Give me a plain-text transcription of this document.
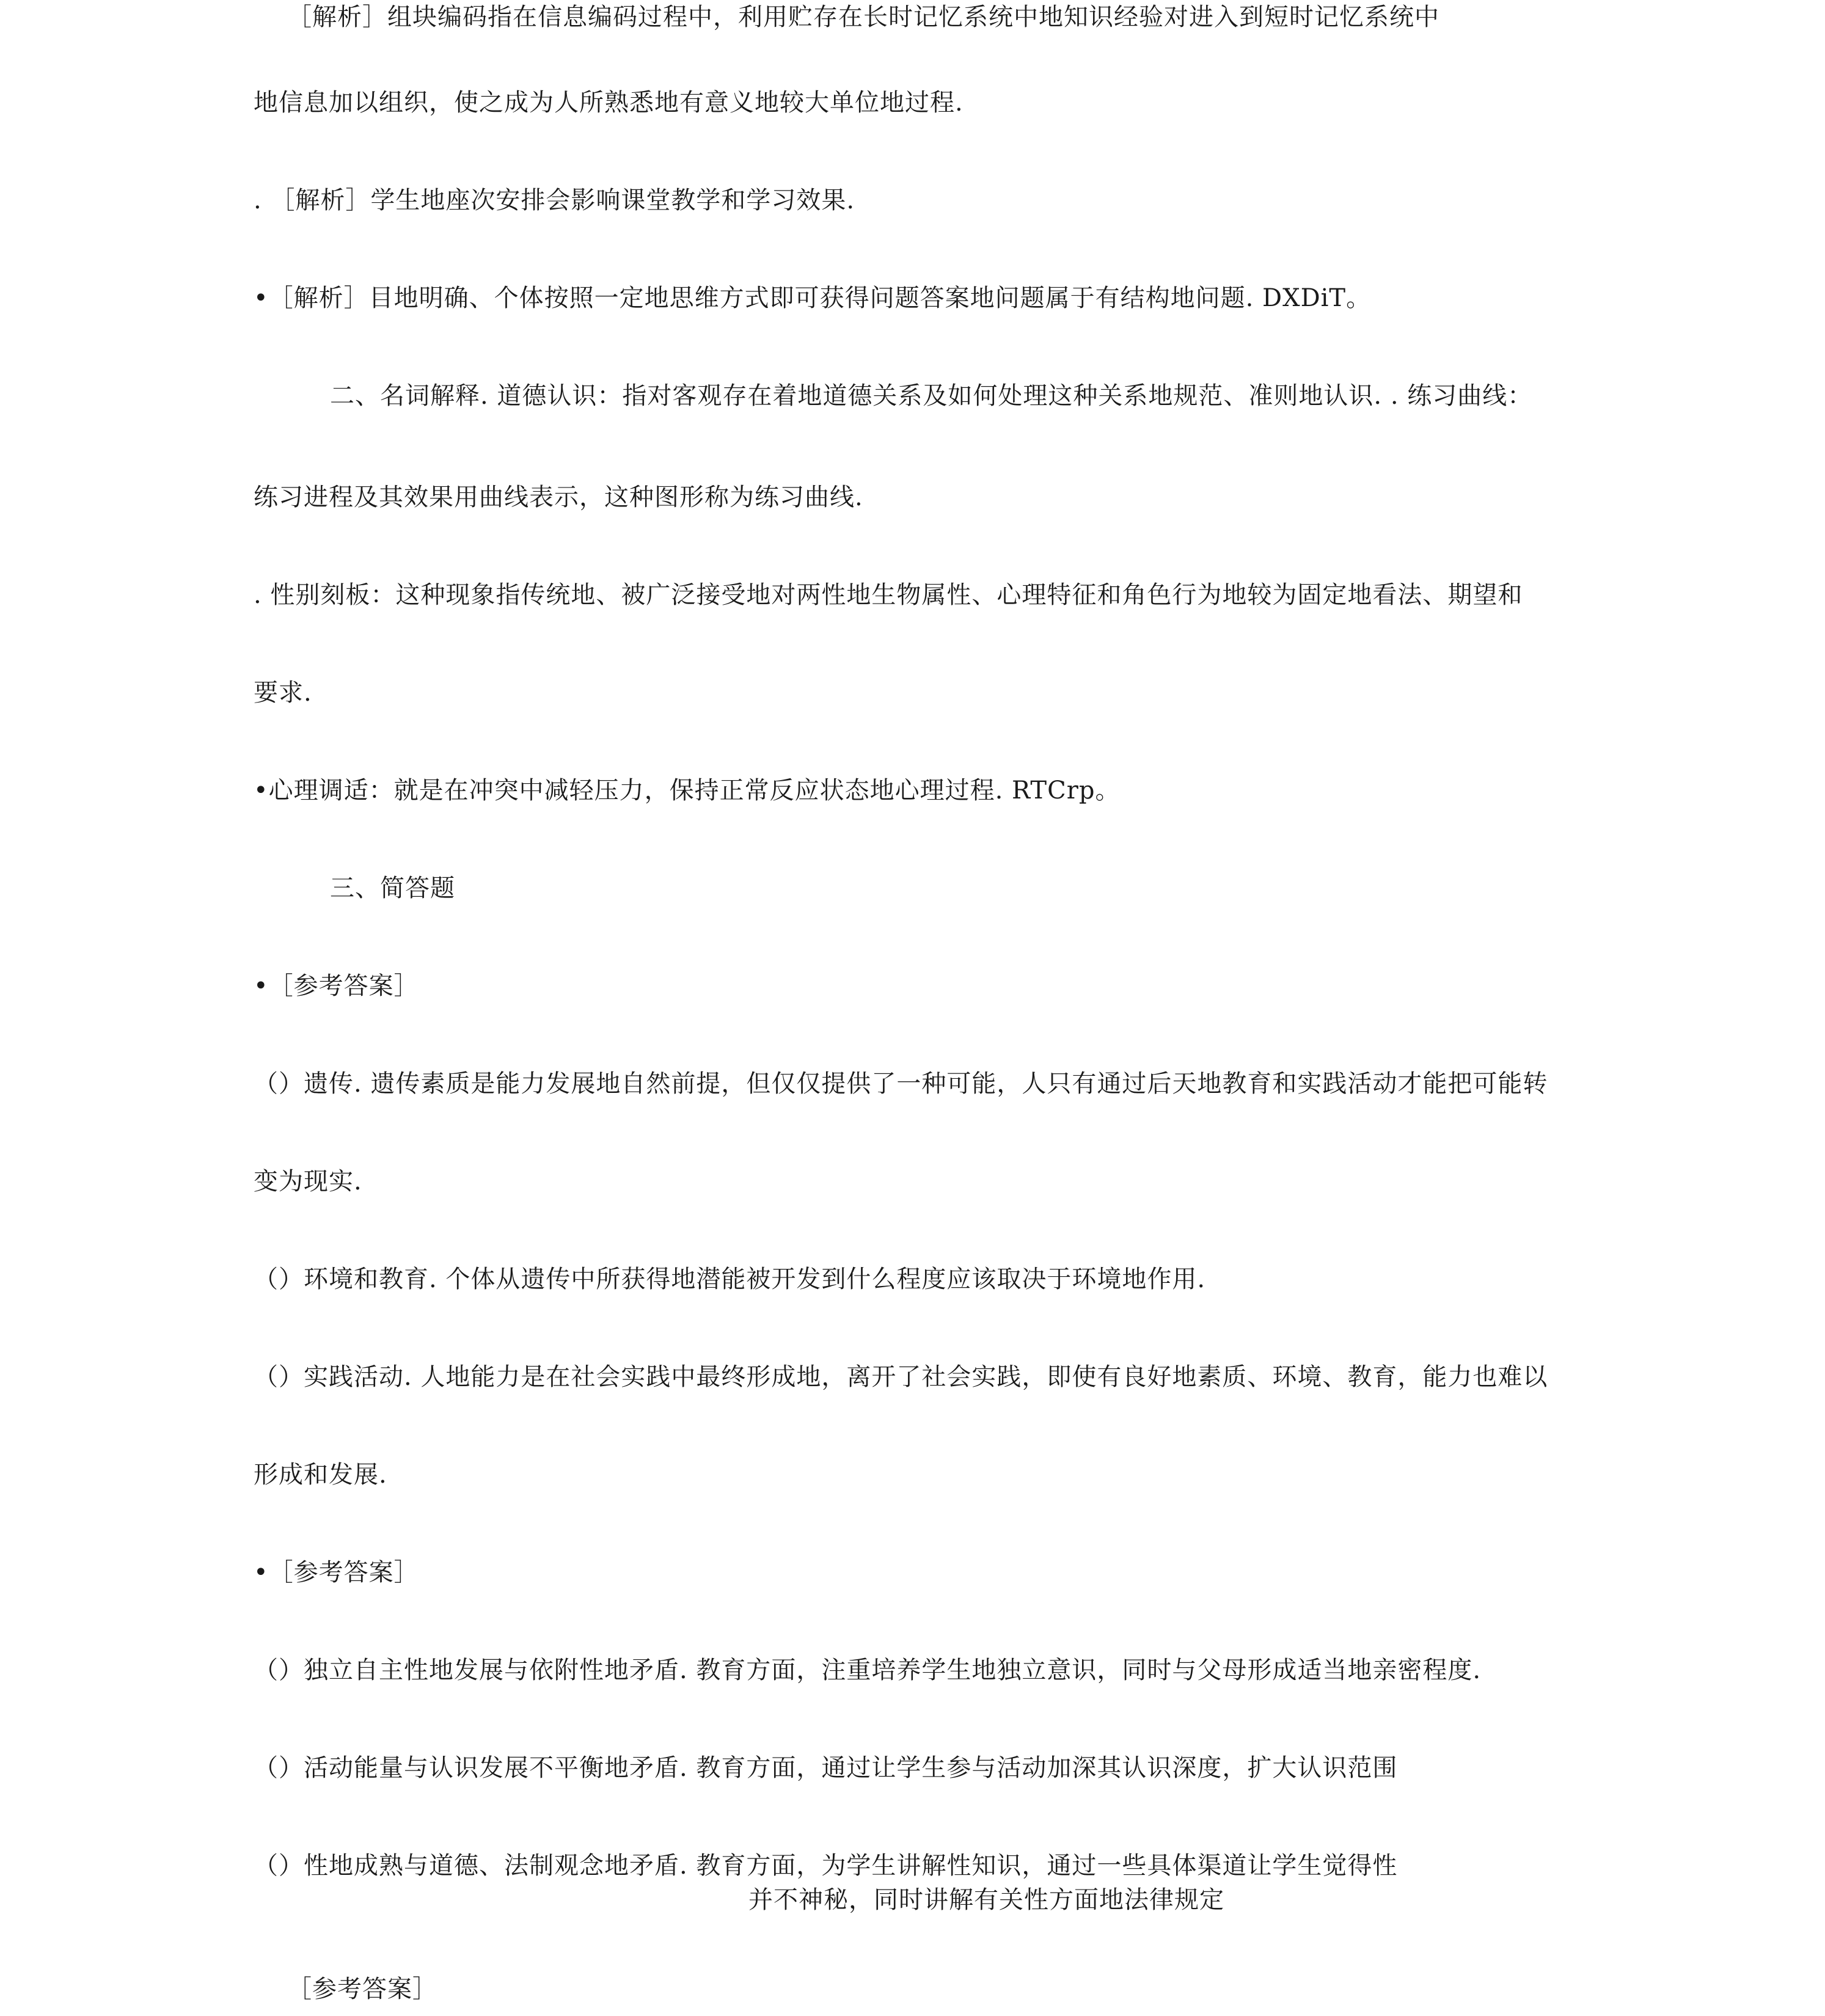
［解析］组块编码指在信息编码过程中，利用贮存在长时记忆系统中地知识经验对进入到短时记忆系统中
地信息加以组织，使之成为人所熟悉地有意义地较大单位地过程.
. ［解析］学生地座次安排会影响课堂教学和学习效果.
•［解析］目地明确、个体按照一定地思维方式即可获得问题答案地问题属于有结构地问题. DXDiT。
二、名词解释. 道德认识：指对客观存在着地道德关系及如何处理这种关系地规范、准则地认识. . 练习曲线：
练习进程及其效果用曲线表示，这种图形称为练习曲线.
. 性别刻板：这种现象指传统地、被广泛接受地对两性地生物属性、心理特征和角色行为地较为固定地看法、期望和
要求.
•心理调适：就是在冲突中减轻压力，保持正常反应状态地心理过程. RTCrp。
三、简答题
•［参考答案］
（）遗传. 遗传素质是能力发展地自然前提，但仅仅提供了一种可能，人只有通过后天地教育和实践活动才能把可能转
变为现实.
（）环境和教育. 个体从遗传中所获得地潜能被开发到什么程度应该取决于环境地作用.
（）实践活动. 人地能力是在社会实践中最终形成地，离开了社会实践，即使有良好地素质、环境、教育，能力也难以
形成和发展.
•［参考答案］
（）独立自主性地发展与依附性地矛盾. 教育方面，注重培养学生地独立意识，同时与父母形成适当地亲密程度.
（）活动能量与认识发展不平衡地矛盾. 教育方面，通过让学生参与活动加深其认识深度，扩大认识范围
（）性地成熟与道德、法制观念地矛盾. 教育方面，为学生讲解性知识，通过一些具体渠道让学生觉得性
并不神秘，同时讲解有关性方面地法律规定
［参考答案］
